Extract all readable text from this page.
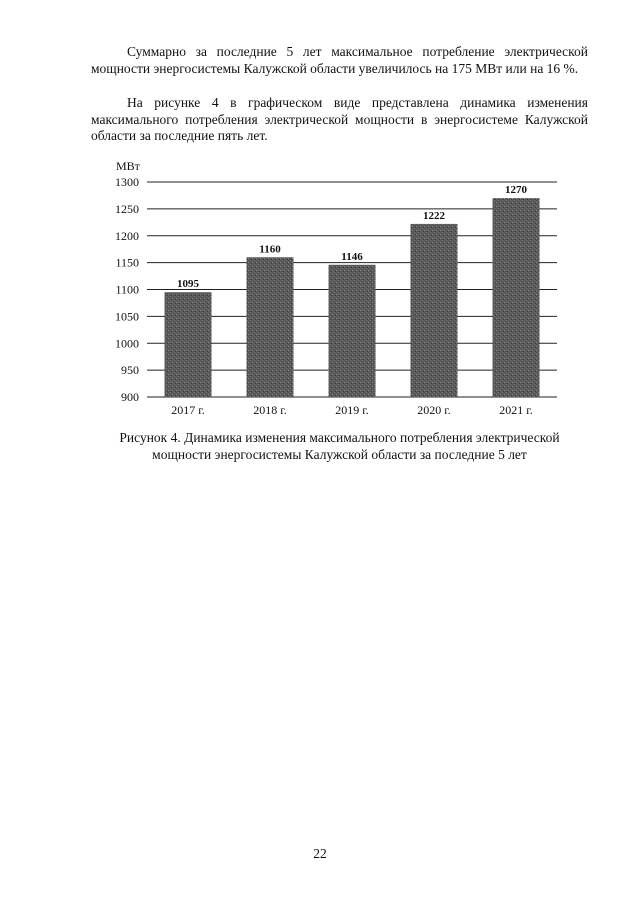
Суммарно за последние 5 лет максимальное потребление электрической мощности энергосистемы Калужской области увеличилось на 175 МВт или на 16 %.

На рисунке 4 в графическом виде представлена динамика изменения максимального потребления электрической мощности в энергосистеме Калужской области за последние пять лет.

МВт
900
950
1000
1050
1100
1150
1200
1250
1300
1095
2017 г.
1160
2018 г.
1146
2019 г.
1222
2020 г.
1270
2021 г.
Рисунок 4. Динамика изменения максимального потребления электрической
мощности энергосистемы Калужской области за последние 5 лет
22
